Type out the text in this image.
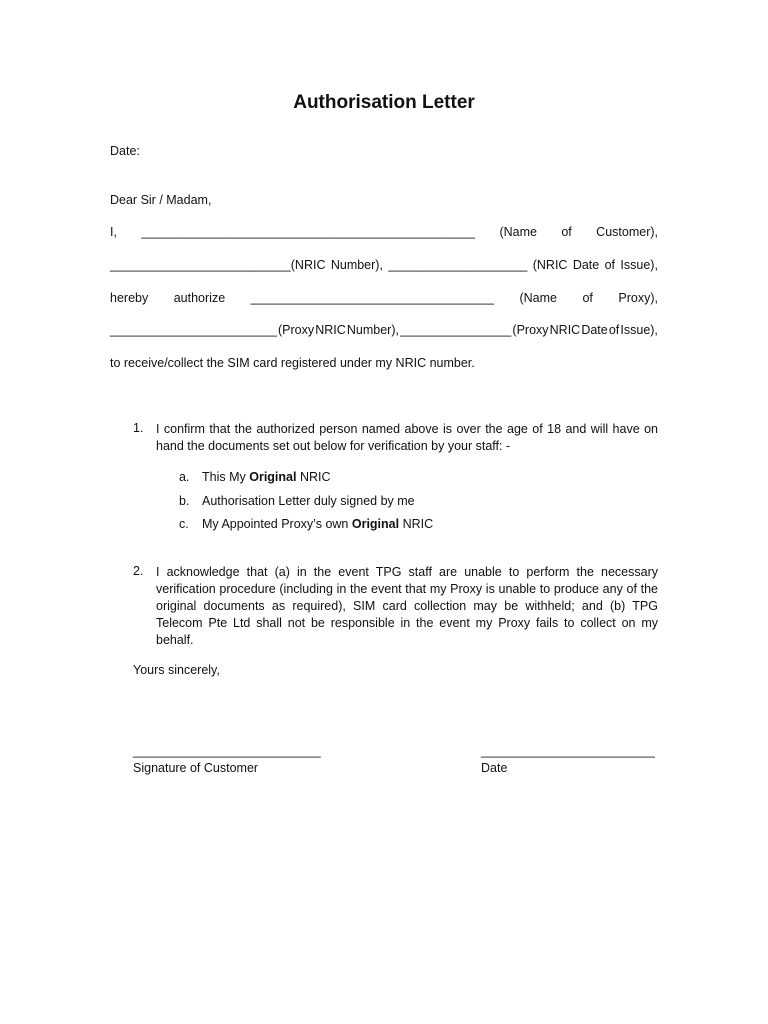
Authorisation Letter
Date:
Dear Sir / Madam,
I, ________________________________________________ (Name of Customer),
__________________________(NRIC Number), ____________________ (NRIC Date of Issue),
hereby authorize ___________________________________ (Name of Proxy),
________________________ (Proxy NRIC Number), ________________ (Proxy NRIC Date of Issue),
to receive/collect the SIM card registered under my NRIC number.
1. I confirm that the authorized person named above is over the age of 18 and will have on hand the documents set out below for verification by your staff: -
a. This My Original NRIC
b. Authorisation Letter duly signed by me
c. My Appointed Proxy’s own Original NRIC
2. I acknowledge that (a) in the event TPG staff are unable to perform the necessary verification procedure (including in the event that my Proxy is unable to produce any of the original documents as required), SIM card collection may be withheld; and (b) TPG Telecom Pte Ltd shall not be responsible in the event my Proxy fails to collect on my behalf.
Yours sincerely,
___________________________
Signature of Customer
_________________________
Date
